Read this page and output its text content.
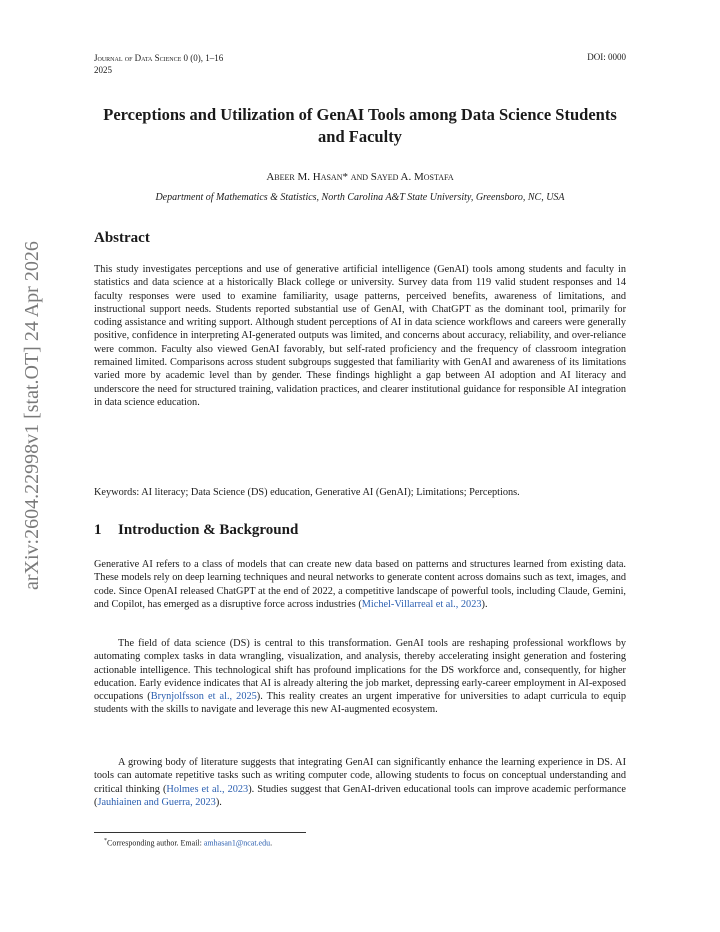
Journal of Data Science 0 (0), 1–16
2025
DOI: 0000
arXiv:2604.22998v1 [stat.OT] 24 Apr 2026
Perceptions and Utilization of GenAI Tools among Data Science Students and Faculty
Abeer M. Hasan* and Sayed A. Mostafa
Department of Mathematics & Statistics, North Carolina A&T State University, Greensboro, NC, USA
Abstract
This study investigates perceptions and use of generative artificial intelligence (GenAI) tools among students and faculty in statistics and data science at a historically Black college or university. Survey data from 119 valid student responses and 14 faculty responses were used to examine familiarity, usage patterns, perceived benefits, awareness of limitations, and instructional support needs. Students reported substantial use of GenAI, with ChatGPT as the dominant tool, primarily for coding assistance and writing support. Although student perceptions of AI in data science workflows and careers were generally positive, confidence in interpreting AI-generated outputs was limited, and concerns about accuracy, reliability, and over-reliance were common. Faculty also viewed GenAI favorably, but self-rated proficiency and the frequency of classroom integration remained limited. Comparisons across student subgroups suggested that familiarity with GenAI and awareness of its limitations varied more by academic level than by gender. These findings highlight a gap between AI adoption and AI literacy and underscore the need for structured training, validation practices, and clearer institutional guidance for responsible AI integration in data science education.
Keywords: AI literacy; Data Science (DS) education, Generative AI (GenAI); Limitations; Perceptions.
1 Introduction & Background
Generative AI refers to a class of models that can create new data based on patterns and structures learned from existing data. These models rely on deep learning techniques and neural networks to generate content across domains such as text, images, and code. Since OpenAI released ChatGPT at the end of 2022, a competitive landscape of powerful tools, including Claude, Gemini, and Copilot, has emerged as a disruptive force across industries (Michel-Villarreal et al., 2023).
The field of data science (DS) is central to this transformation. GenAI tools are reshaping professional workflows by automating complex tasks in data wrangling, visualization, and analysis, thereby accelerating insight generation and fostering actionable intelligence. This technological shift has profound implications for the DS workforce and, consequently, for higher education. Early evidence indicates that AI is already altering the job market, depressing early-career employment in AI-exposed occupations (Brynjolfsson et al., 2025). This reality creates an urgent imperative for universities to adapt curricula to equip students with the skills to navigate and leverage this new AI-augmented ecosystem.
A growing body of literature suggests that integrating GenAI can significantly enhance the learning experience in DS. AI tools can automate repetitive tasks such as writing computer code, allowing students to focus on conceptual understanding and critical thinking (Holmes et al., 2023). Studies suggest that GenAI-driven educational tools can improve academic performance (Jauhiainen and Guerra, 2023).
*Corresponding author. Email: amhasan1@ncat.edu.
